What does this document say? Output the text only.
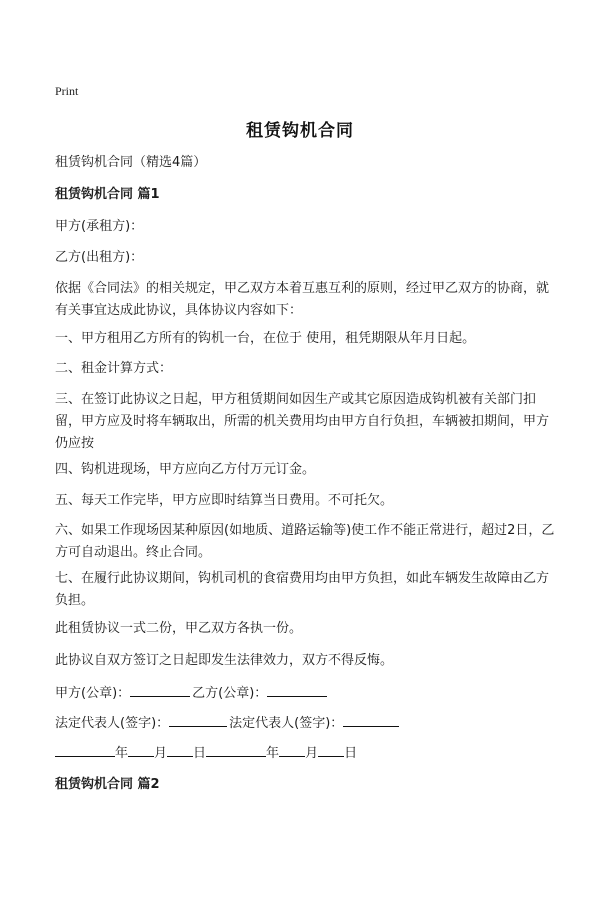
Print
租赁钩机合同
租赁钩机合同（精选4篇）
租赁钩机合同 篇1
甲方(承租方)：
乙方(出租方)：
依据《合同法》的相关规定，甲乙双方本着互惠互利的原则，经过甲乙双方的协商，就有关事宜达成此协议，具体协议内容如下：
一、甲方租用乙方所有的钩机一台，在位于 使用，租凭期限从年月日起。
二、租金计算方式：
三、在签订此协议之日起，甲方租赁期间如因生产或其它原因造成钩机被有关部门扣留，甲方应及时将车辆取出，所需的机关费用均由甲方自行负担，车辆被扣期间，甲方仍应按
四、钩机进现场，甲方应向乙方付万元订金。
五、每天工作完毕，甲方应即时结算当日费用。不可托欠。
六、如果工作现场因某种原因(如地质、道路运输等)使工作不能正常进行，超过2日，乙方可自动退出。终止合同。
七、在履行此协议期间，钩机司机的食宿费用均由甲方负担，如此车辆发生故障由乙方负担。
此租赁协议一式二份，甲乙双方各执一份。
此协议自双方签订之日起即发生法律效力，双方不得反悔。
甲方(公章)：	乙方(公章)：
法定代表人(签字)：	法定代表人(签字)：
年 月 日	年 月 日
租赁钩机合同 篇2
